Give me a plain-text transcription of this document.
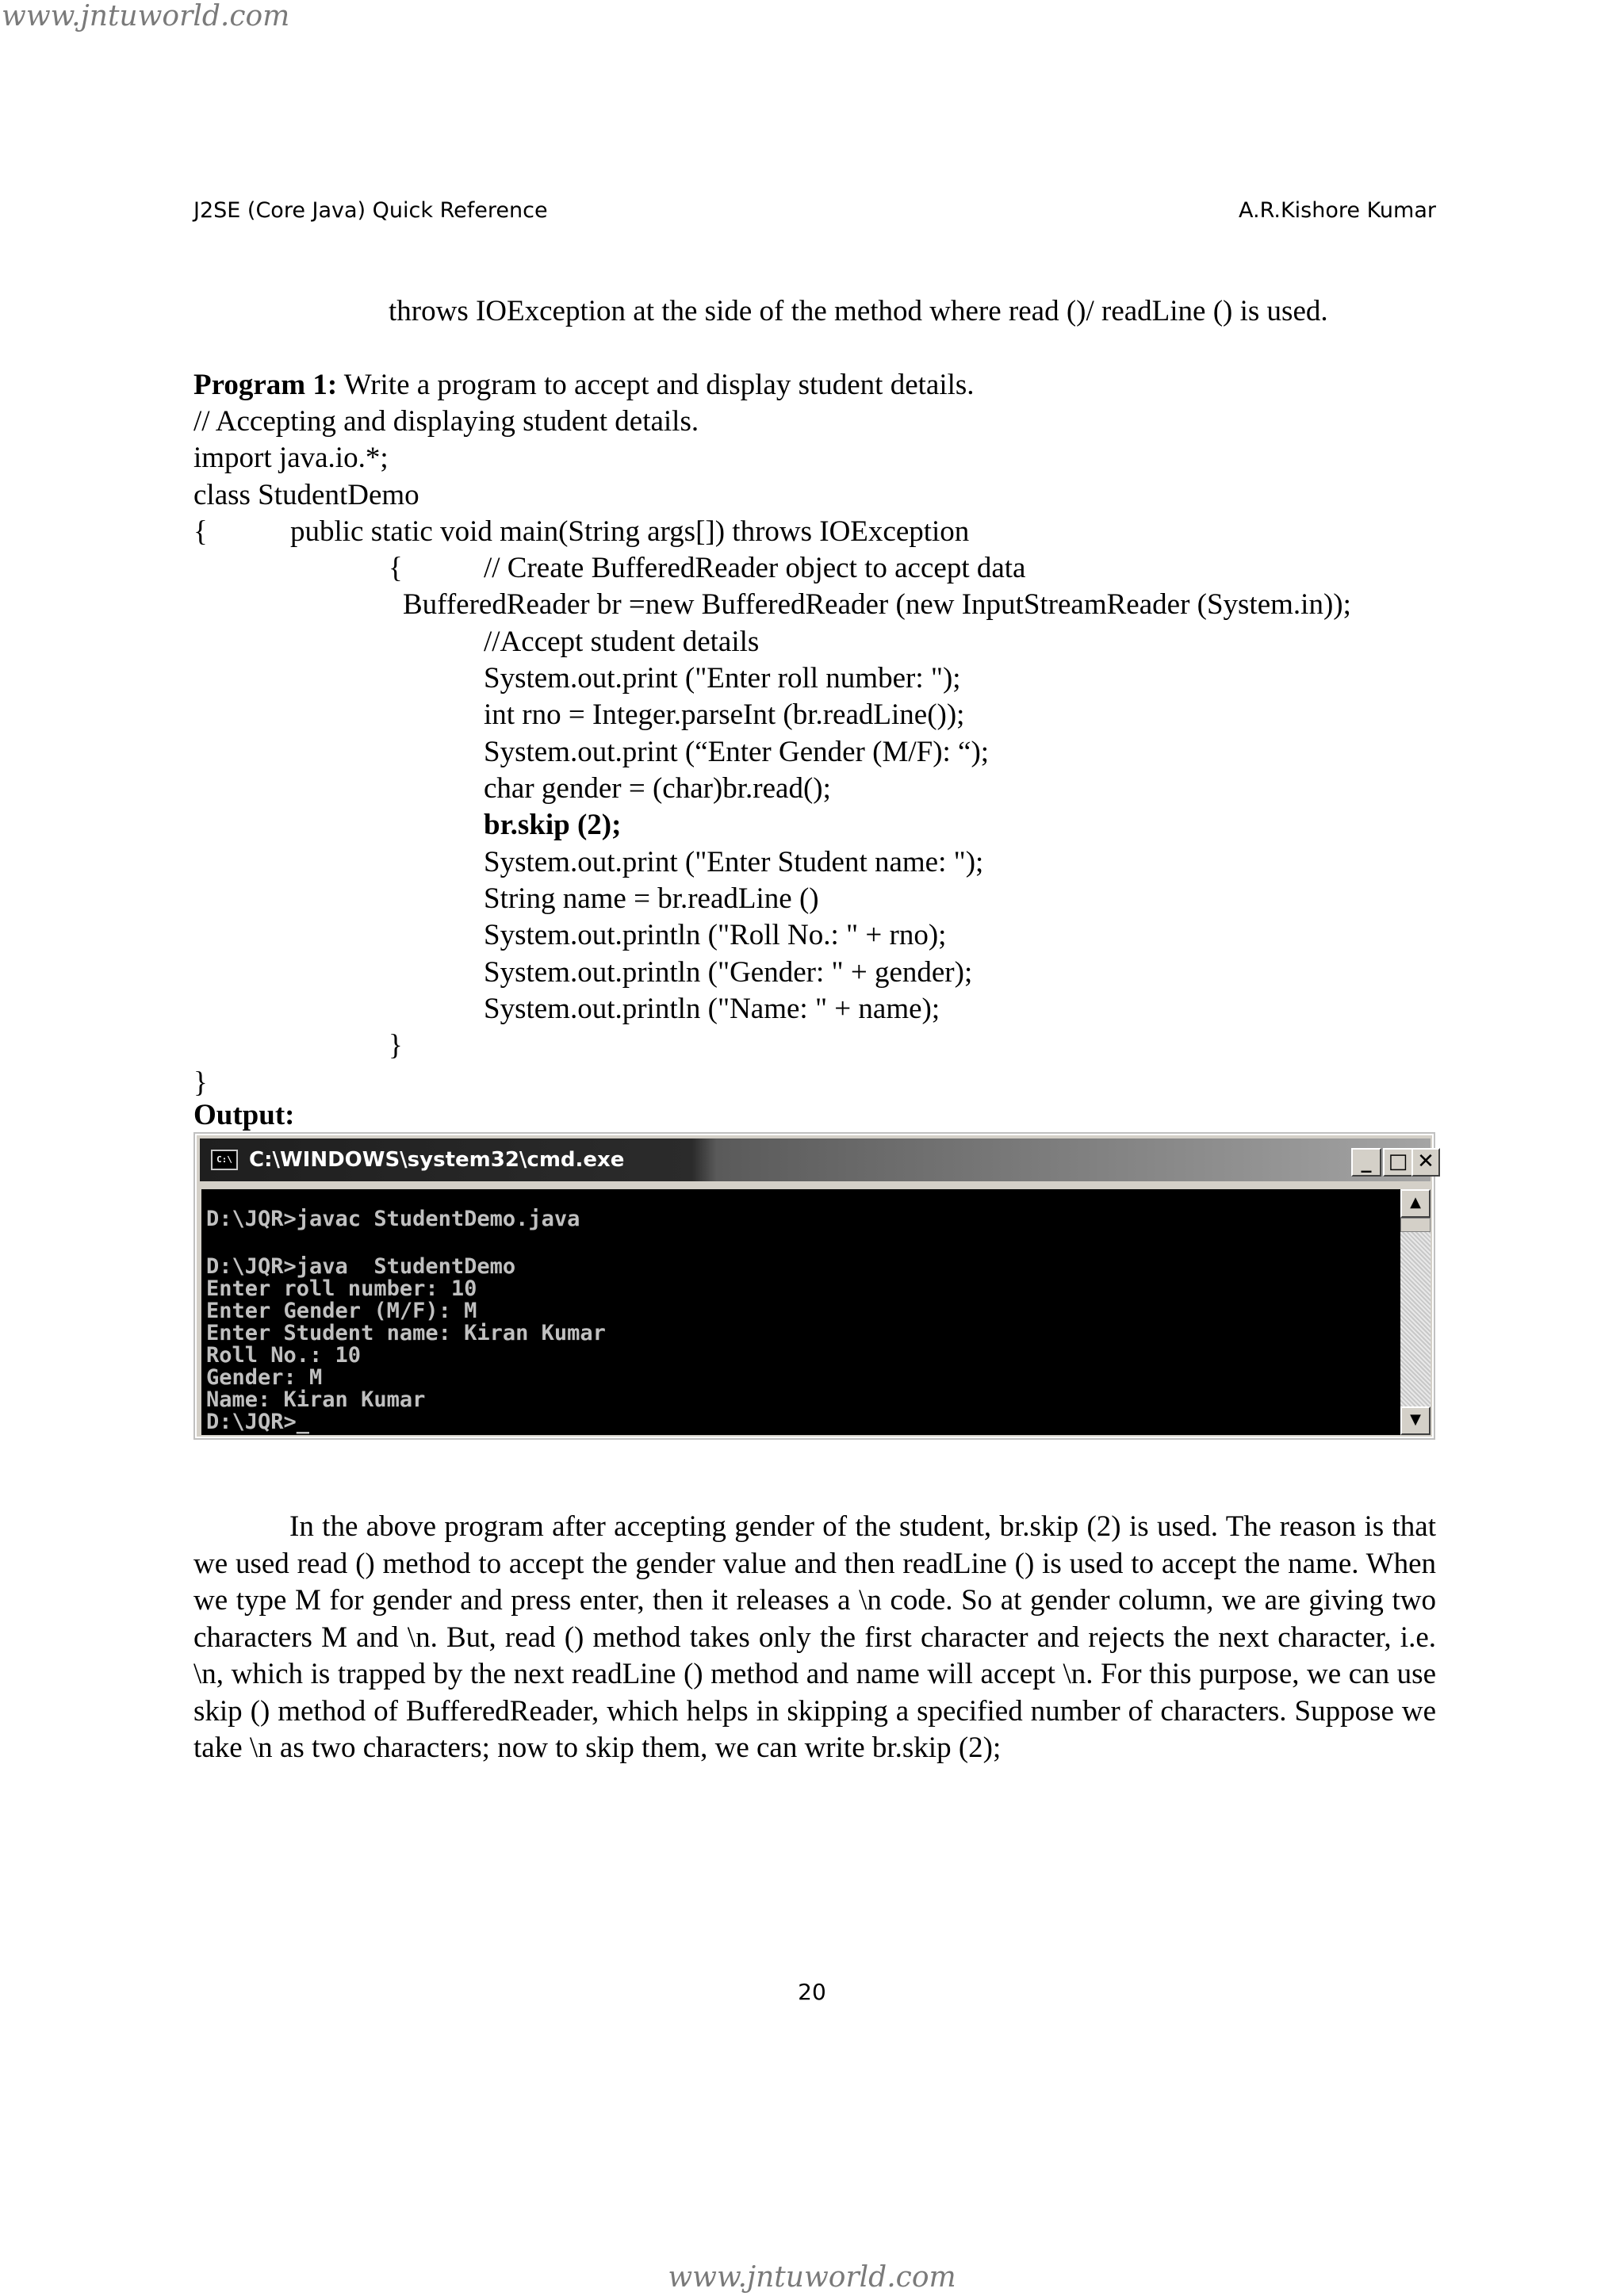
www.jntuworld.com

J2SE (Core Java) Quick Reference	A.R.Kishore Kumar

throws IOException at the side of the method where read ()/ readLine () is used.

Program 1: Write a program to accept and display student details.

// Accepting and displaying student details.

import java.io.*;

class StudentDemo

{	public static void main(String args[]) throws IOException

{	// Create BufferedReader object to accept data

BufferedReader br =new BufferedReader (new InputStreamReader (System.in));

//Accept student details

System.out.print ("Enter roll number: ");

int rno = Integer.parseInt (br.readLine());

System.out.print (“Enter Gender (M/F): “);

char gender = (char)br.read();

br.skip (2);

System.out.print ("Enter Student name: ");

String name = br.readLine ()

System.out.println ("Roll No.: " + rno);

System.out.println ("Gender: " + gender);

System.out.println ("Name: " + name);

}

}

Output:

C:\ C:\WINDOWS\system32\cmd.exe	_ □ ✕

D:\JQR>javac StudentDemo.java

D:\JQR>java  StudentDemo

Enter roll number: 10

Enter Gender (M/F): M

Enter Student name: Kiran Kumar

Roll No.: 10

Gender: M

Name: Kiran Kumar

D:\JQR>_

▲
▼

In the above program after accepting gender of the student, br.skip (2) is used. The reason is that we used read () method to accept the gender value and then readLine () is used to accept the name. When we type M for gender and press enter, then it releases a \n code. So at gender column, we are giving two characters M and \n. But, read () method takes only the first character and rejects the next character, i.e. \n, which is trapped by the next readLine () method and name will accept \n. For this purpose, we can use skip () method of BufferedReader, which helps in skipping a specified number of characters. Suppose we take \n as two characters; now to skip them, we can write br.skip (2);

20

www.jntuworld.com
